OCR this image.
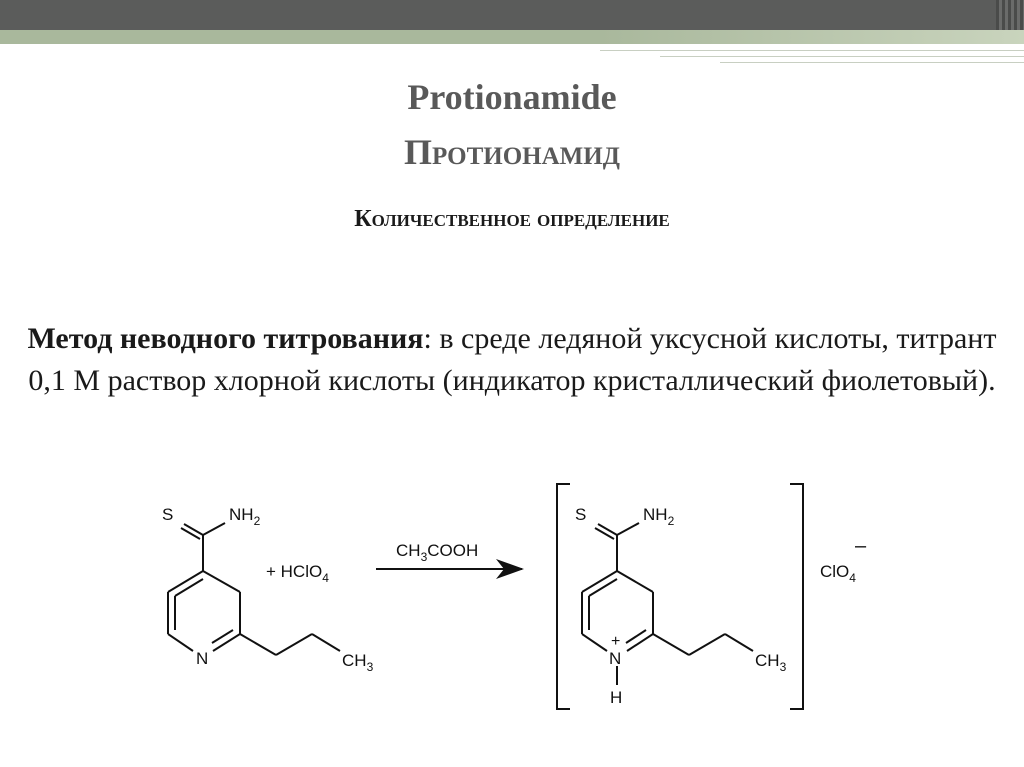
Protionamide
Протионамид
Количественное определение
Метод неводного титрования: в среде ледяной уксусной кислоты, титрант 0,1 М раствор хлорной кислоты (индикатор кристаллический фиолетовый).
S	$NH_2$
N	$CH_3$
+ HClO$_4$
$CH_3COOH$
S	$NH_2$
N
+
H
$CH_3$
–
ClO$_4$
